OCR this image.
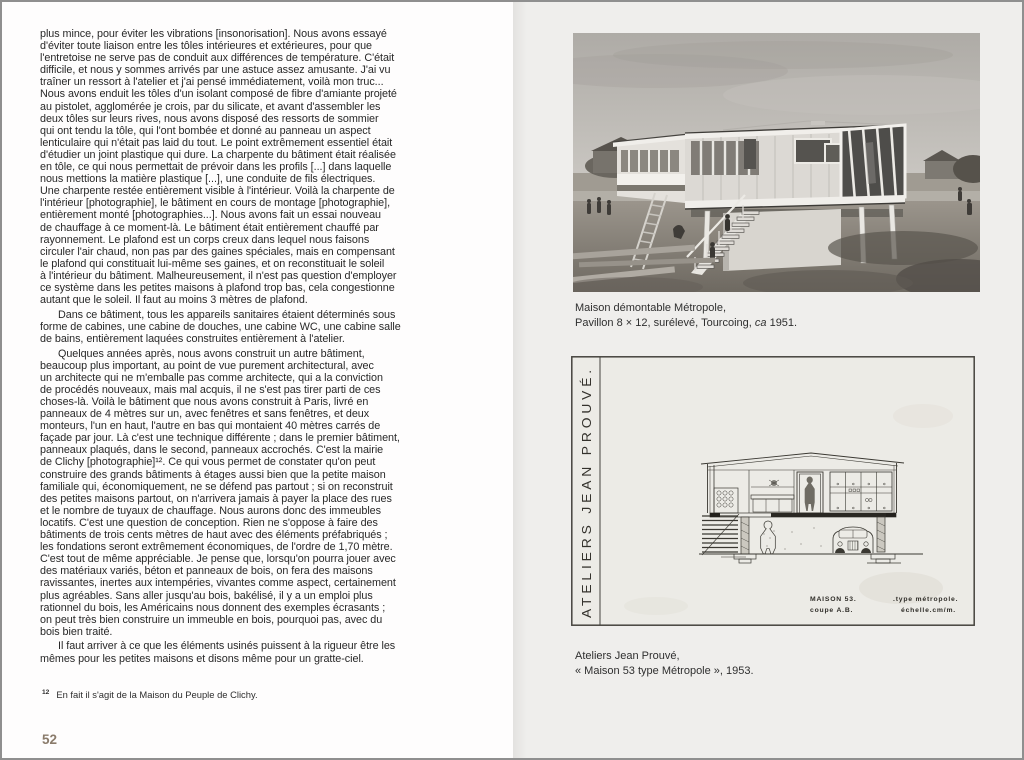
plus mince, pour éviter les vibrations [insonorisation]. Nous avons essayé
d'éviter toute liaison entre les tôles intérieures et extérieures, pour que
l'entretoise ne serve pas de conduit aux différences de température. C'était
difficile, et nous y sommes arrivés par une astuce assez amusante. J'ai vu
traîner un ressort à l'atelier et j'ai pensé immédiatement, voilà mon truc...
Nous avons enduit les tôles d'un isolant composé de fibre d'amiante projeté
au pistolet, agglomérée je crois, par du silicate, et avant d'assembler les
deux tôles sur leurs rives, nous avons disposé des ressorts de sommier
qui ont tendu la tôle, qui l'ont bombée et donné au panneau un aspect
lenticulaire qui n'était pas laid du tout. Le point extrêmement essentiel était
d'étudier un joint plastique qui dure. La charpente du bâtiment était réalisée
en tôle, ce qui nous permettait de prévoir dans les profils [...] dans laquelle
nous mettions la matière plastique [...], une conduite de fils électriques.
Une charpente restée entièrement visible à l'intérieur. Voilà la charpente de
l'intérieur [photographie], le bâtiment en cours de montage [photographie],
entièrement monté [photographies...]. Nous avons fait un essai nouveau
de chauffage à ce moment-là. Le bâtiment était entièrement chauffé par
rayonnement. Le plafond est un corps creux dans lequel nous faisons
circuler l'air chaud, non pas par des gaines spéciales, mais en compensant
le plafond qui constituait lui-même ses gaines, et on reconstituait le soleil
à l'intérieur du bâtiment. Malheureusement, il n'est pas question d'employer
ce système dans les petites maisons à plafond trop bas, cela congestionne
autant que le soleil. Il faut au moins 3 mètres de plafond.
Dans ce bâtiment, tous les appareils sanitaires étaient déterminés sous
forme de cabines, une cabine de douches, une cabine WC, une cabine salle
de bains, entièrement laquées construites entièrement à l'atelier.
Quelques années après, nous avons construit un autre bâtiment,
beaucoup plus important, au point de vue purement architectural, avec
un architecte qui ne m'emballe pas comme architecte, qui a la conviction
de procédés nouveaux, mais mal acquis, il ne s'est pas tirer parti de ces
choses-là. Voilà le bâtiment que nous avons construit à Paris, livré en
panneaux de 4 mètres sur un, avec fenêtres et sans fenêtres, et deux
monteurs, l'un en haut, l'autre en bas qui montaient 40 mètres carrés de
façade par jour. Là c'est une technique différente ; dans le premier bâtiment,
panneaux plaqués, dans le second, panneaux accrochés. C'est la mairie
de Clichy [photographie]¹². Ce qui vous permet de constater qu'on peut
construire des grands bâtiments à étages aussi bien que la petite maison
familiale qui, économiquement, ne se défend pas partout ; si on reconstruit
des petites maisons partout, on n'arrivera jamais à payer la place des rues
et le nombre de tuyaux de chauffage. Nous aurons donc des immeubles
locatifs. C'est une question de conception. Rien ne s'oppose à faire des
bâtiments de trois cents mètres de haut avec des éléments préfabriqués ;
les fondations seront extrêmement économiques, de l'ordre de 1,70 mètre.
C'est tout de même appréciable. Je pense que, lorsqu'on pourra jouer avec
des matériaux variés, béton et panneaux de bois, on fera des maisons
ravissantes, inertes aux intempéries, vivantes comme aspect, certainement
plus agréables. Sans aller jusqu'au bois, bakélisé, il y a un emploi plus
rationnel du bois, les Américains nous donnent des exemples écrasants ;
on peut très bien construire un immeuble en bois, pourquoi pas, avec du
bois bien traité.
Il faut arriver à ce que les éléments usinés puissent à la rigueur être les
mêmes pour les petites maisons et disons même pour un gratte-ciel.
$^{12}$ En fait il s'agit de la Maison du Peuple de Clichy.
52
Maison démontable Métropole,
Pavillon 8 × 12, surélevé, Tourcoing, ca 1951.
ATELIERS JEAN PROUVÉ.	MAISON 53.
coupe A.B.
.type métropole.
échelle.cm/m.
Ateliers Jean Prouvé,
« Maison 53 type Métropole », 1953.
